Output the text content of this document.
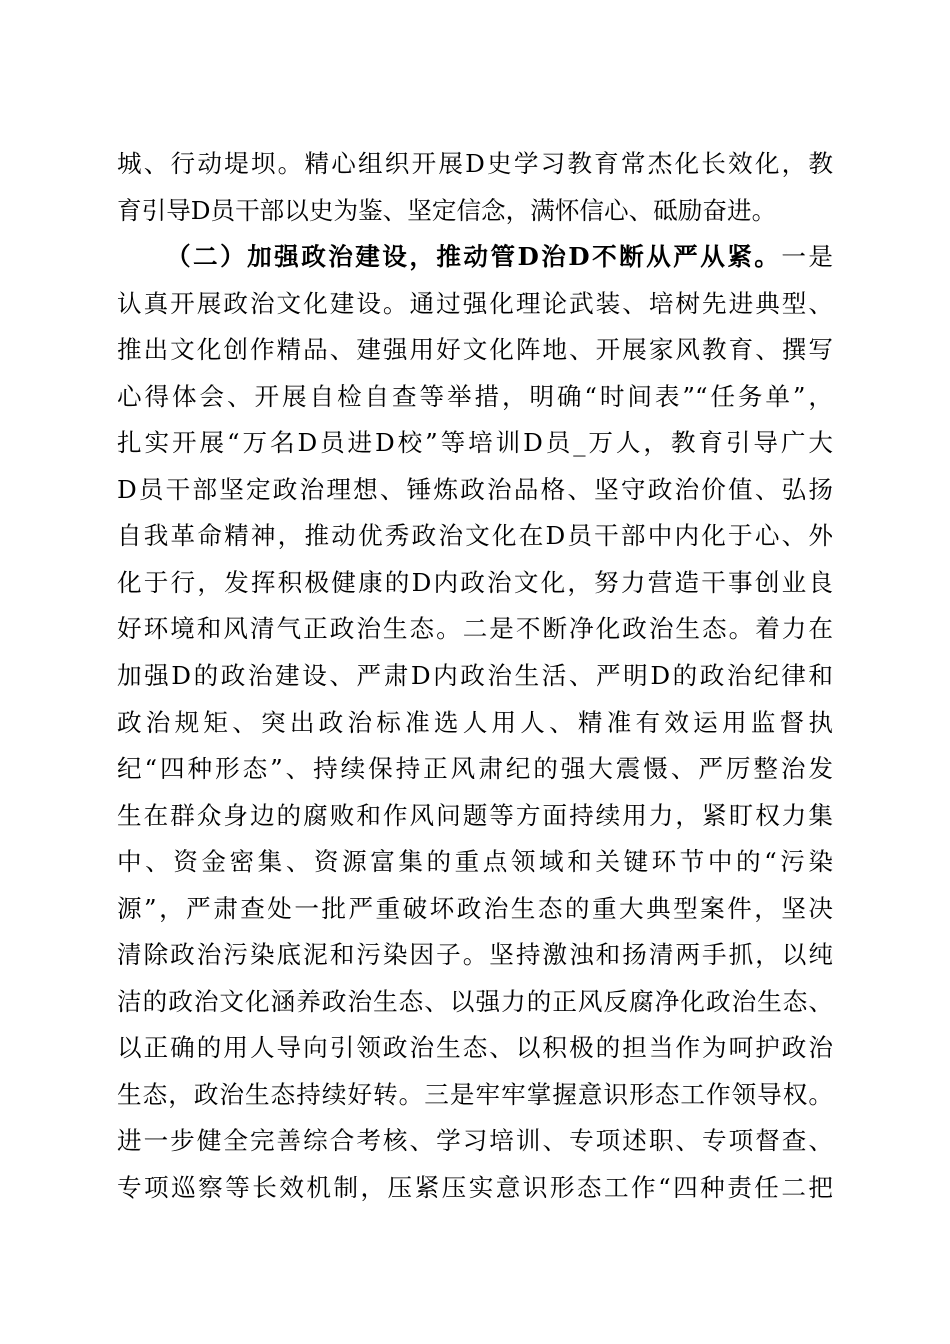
城、行动堤坝。精心组织开展D史学习教育常杰化长效化，教
育引导D员干部以史为鉴、坚定信念，满怀信心、砥励奋进。
（二）加强政治建设，推动管D治D不断从严从紧。一是
认真开展政治文化建设。通过强化理论武装、培树先进典型、
推出文化创作精品、建强用好文化阵地、开展家风教育、撰写
心得体会、开展自检自查等举措，明确“时间表”“任务单”，
扎实开展“万名D员进D校”等培训D员_万人，教育引导广大
D员干部坚定政治理想、锤炼政治品格、坚守政治价值、弘扬
自我革命精神，推动优秀政治文化在D员干部中内化于心、外
化于行，发挥积极健康的D内政治文化，努力营造干事创业良
好环境和风清气正政治生态。二是不断净化政治生态。着力在
加强D的政治建设、严肃D内政治生活、严明D的政治纪律和
政治规矩、突出政治标准选人用人、精准有效运用监督执
纪“四种形态”、持续保持正风肃纪的强大震慑、严厉整治发
生在群众身边的腐败和作风问题等方面持续用力，紧盯权力集
中、资金密集、资源富集的重点领域和关键环节中的“污染
源”，严肃查处一批严重破坏政治生态的重大典型案件，坚决
清除政治污染底泥和污染因子。坚持激浊和扬清两手抓，以纯
洁的政治文化涵养政治生态、以强力的正风反腐净化政治生态、
以正确的用人导向引领政治生态、以积极的担当作为呵护政治
生态，政治生态持续好转。三是牢牢掌握意识形态工作领导权。
进一步健全完善综合考核、学习培训、专项述职、专项督查、
专项巡察等长效机制，压紧压实意识形态工作“四种责任二把
